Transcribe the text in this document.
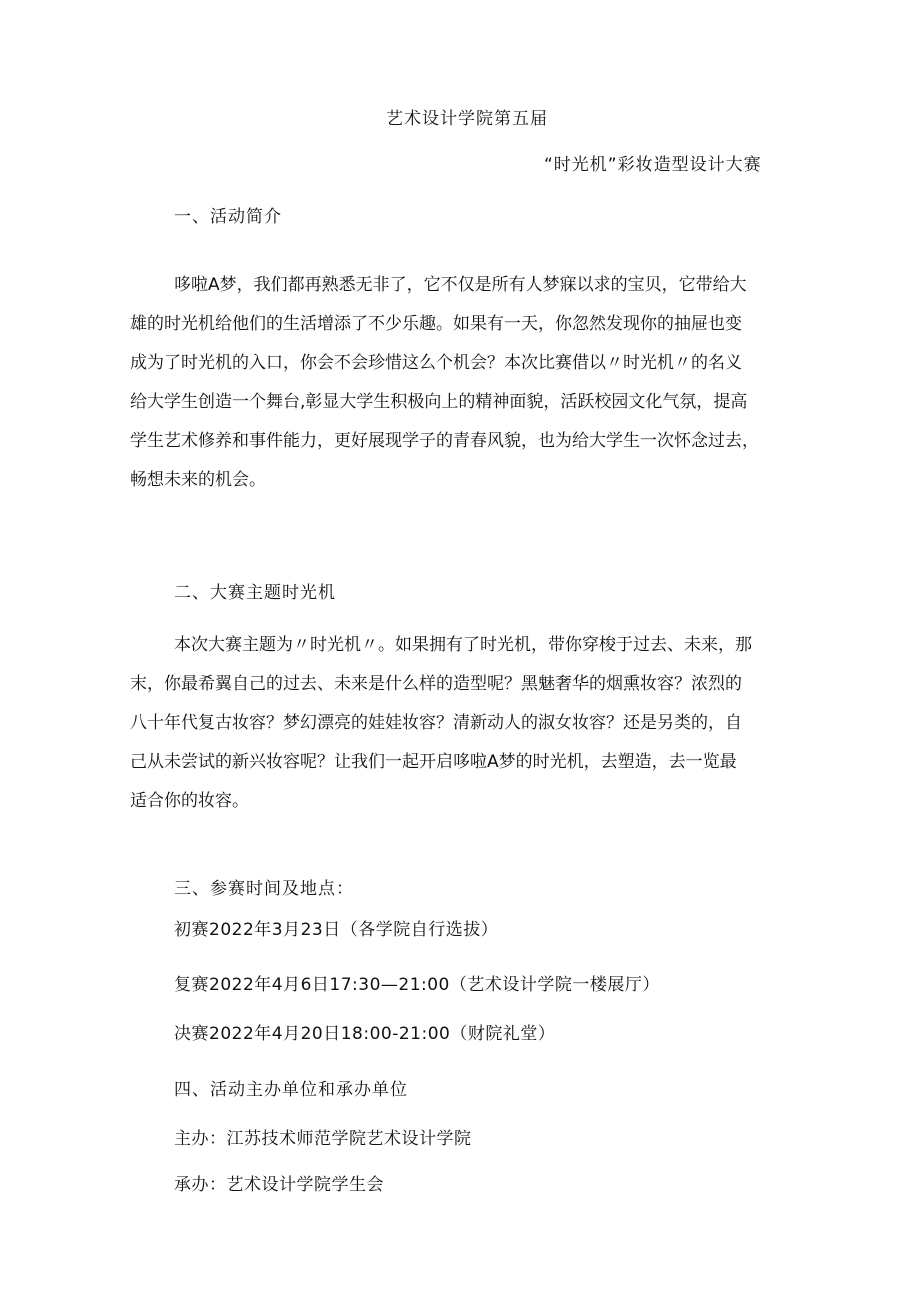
艺术设计学院第五届
“时光机”彩妆造型设计大赛
一、活动简介

哆啦A梦，我们都再熟悉无非了，它不仅是所有人梦寐以求的宝贝，它带给大

雄的时光机给他们的生活增添了不少乐趣。如果有一天，你忽然发现你的抽屉也变

成为了时光机的入口，你会不会珍惜这么个机会？本次比赛借以〃时光机〃的名义

给大学生创造一个舞台,彰显大学生积极向上的精神面貌，活跃校园文化气氛，提高

学生艺术修养和事件能力，更好展现学子的青春风貌，也为给大学生一次怀念过去，

畅想未来的机会。

二、大赛主题时光机

本次大赛主题为〃时光机〃。如果拥有了时光机，带你穿梭于过去、未来，那

末，你最希翼自己的过去、未来是什么样的造型呢？黑魅奢华的烟熏妆容？浓烈的

八十年代复古妆容？梦幻漂亮的娃娃妆容？清新动人的淑女妆容？还是另类的，自

己从未尝试的新兴妆容呢？让我们一起开启哆啦A梦的时光机，去塑造，去一览最

适合你的妆容。

三、参赛时间及地点：
初赛2022年3月23日（各学院自行选拔）
复赛2022年4月6日17:30—21:00（艺术设计学院一楼展厅）
决赛2022年4月20日18:00-21:00（财院礼堂）
四、活动主办单位和承办单位
主办：江苏技术师范学院艺术设计学院
承办：艺术设计学院学生会
